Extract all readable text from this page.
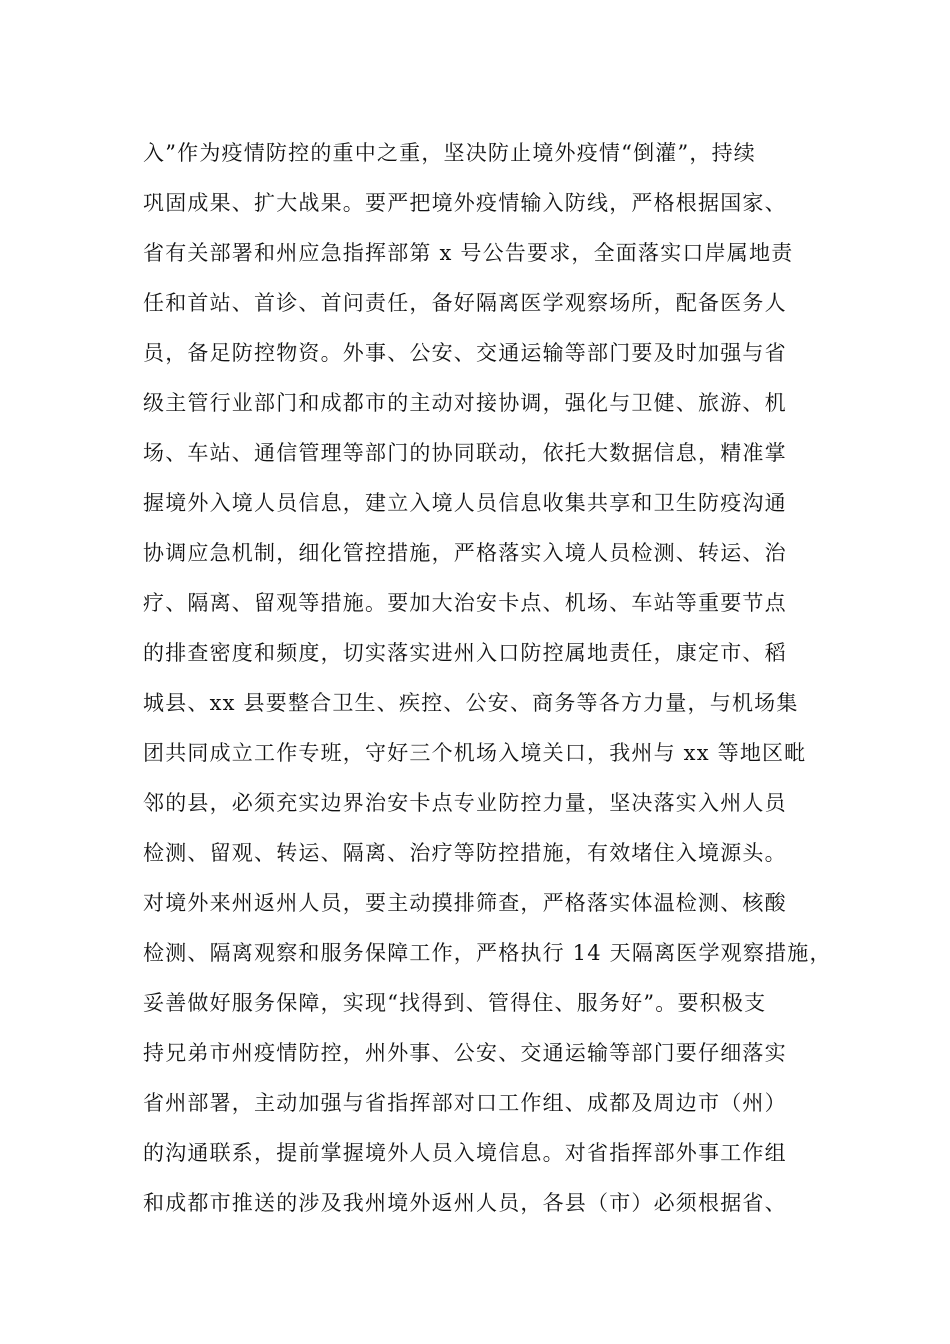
入”作为疫情防控的重中之重，坚决防止境外疫情“倒灌”，持续
巩固成果、扩大战果。要严把境外疫情输入防线，严格根据国家、
省有关部署和州应急指挥部第 x 号公告要求，全面落实口岸属地责
任和首站、首诊、首问责任，备好隔离医学观察场所，配备医务人
员，备足防控物资。外事、公安、交通运输等部门要及时加强与省
级主管行业部门和成都市的主动对接协调，强化与卫健、旅游、机
场、车站、通信管理等部门的协同联动，依托大数据信息，精准掌
握境外入境人员信息，建立入境人员信息收集共享和卫生防疫沟通
协调应急机制，细化管控措施，严格落实入境人员检测、转运、治
疗、隔离、留观等措施。要加大治安卡点、机场、车站等重要节点
的排查密度和频度，切实落实进州入口防控属地责任，康定市、稻
城县、xx 县要整合卫生、疾控、公安、商务等各方力量，与机场集
团共同成立工作专班，守好三个机场入境关口，我州与 xx 等地区毗
邻的县，必须充实边界治安卡点专业防控力量，坚决落实入州人员
检测、留观、转运、隔离、治疗等防控措施，有效堵住入境源头。
对境外来州返州人员，要主动摸排筛查，严格落实体温检测、核酸
检测、隔离观察和服务保障工作，严格执行 14 天隔离医学观察措施，
妥善做好服务保障，实现“找得到、管得住、服务好”。要积极支
持兄弟市州疫情防控，州外事、公安、交通运输等部门要仔细落实
省州部署，主动加强与省指挥部对口工作组、成都及周边市（州）
的沟通联系，提前掌握境外人员入境信息。对省指挥部外事工作组
和成都市推送的涉及我州境外返州人员，各县（市）必须根据省、
